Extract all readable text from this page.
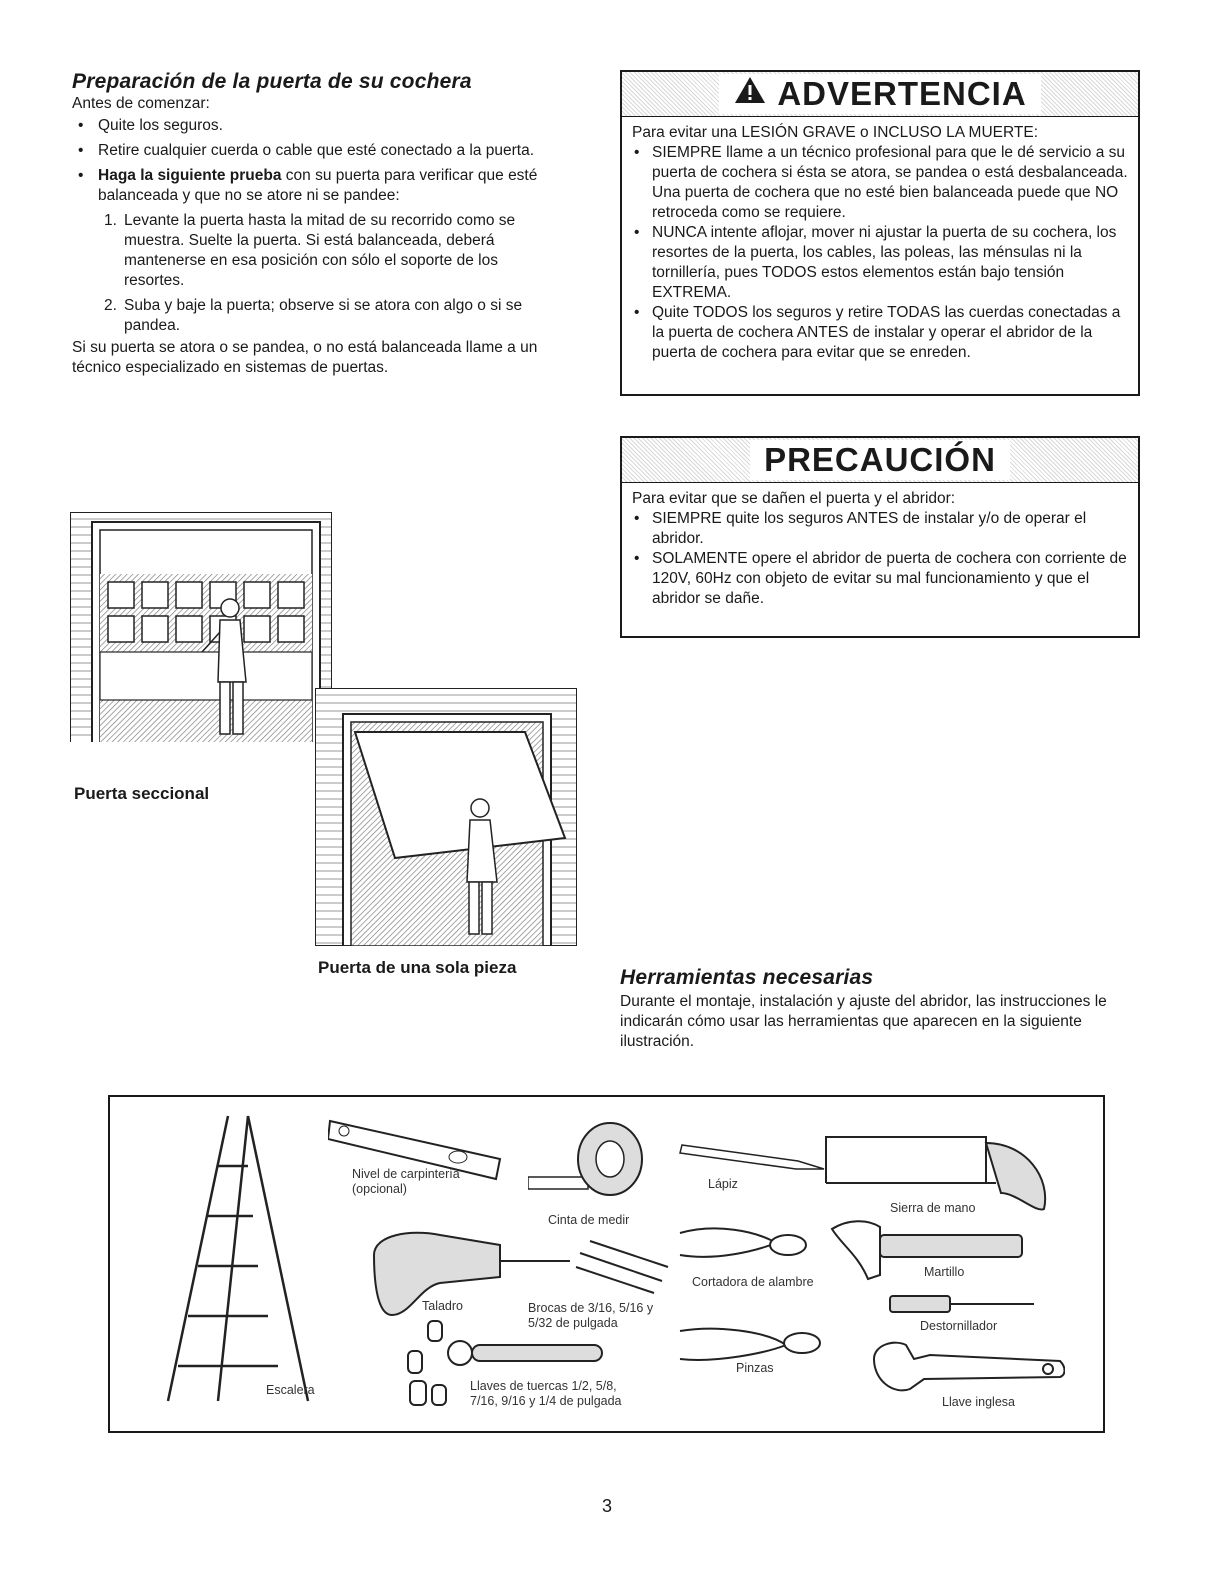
Preparación de la puerta de su cochera

Antes de comenzar:

• Quite los seguros.
• Retire cualquier cuerda o cable que esté conectado a la puerta.
• Haga la siguiente prueba con su puerta para verificar que esté balanceada y que no se atore ni se pandee:
1. Levante la puerta hasta la mitad de su recorrido como se muestra. Suelte la puerta. Si está balanceada, deberá mantenerse en esa posición con sólo el soporte de los resortes.
2. Suba y baje la puerta; observe si se atora con algo o si se pandea.

Si su puerta se atora o se pandea, o no está balanceada llame a un técnico especializado en sistemas de puertas.

ADVERTENCIA

Para evitar una LESIÓN GRAVE o INCLUSO LA MUERTE:

• SIEMPRE llame a un técnico profesional para que le dé servicio a su puerta de cochera si ésta se atora, se pandea o está desbalanceada. Una puerta de cochera que no esté bien balanceada puede que NO retroceda como se requiere.
• NUNCA intente aflojar, mover ni ajustar la puerta de su cochera, los resortes de la puerta, los cables, las poleas, las ménsulas ni la tornillería, pues TODOS estos elementos están bajo tensión EXTREMA.
• Quite TODOS los seguros y retire TODAS las cuerdas conectadas a la puerta de cochera ANTES de instalar y operar el abridor de la puerta de cochera para evitar que se enreden.
PRECAUCIÓN

Para evitar que se dañen el puerta y el abridor:

• SIEMPRE quite los seguros ANTES de instalar y/o de operar el abridor.
• SOLAMENTE opere el abridor de puerta de cochera con corriente de 120V, 60Hz con objeto de evitar su mal funcionamiento y que el abridor se dañe.
Puerta seccional
Puerta de una sola pieza	Herramientas necesarias

Durante el montaje, instalación y ajuste del abridor, las instrucciones le indicarán cómo usar las herramientas que aparecen en la siguiente ilustración.

Escalera
Nivel de carpintería (opcional)
Cinta de medir
Lápiz
Sierra de mano
Taladro	Brocas de 3/16, 5/16 y 5/32 de pulgada
Cortadora de alambre
Martillo
Destornillador
Llaves de tuercas 1/2, 5/8, 7/16, 9/16 y 1/4 de pulgada
Pinzas
Llave inglesa
3
